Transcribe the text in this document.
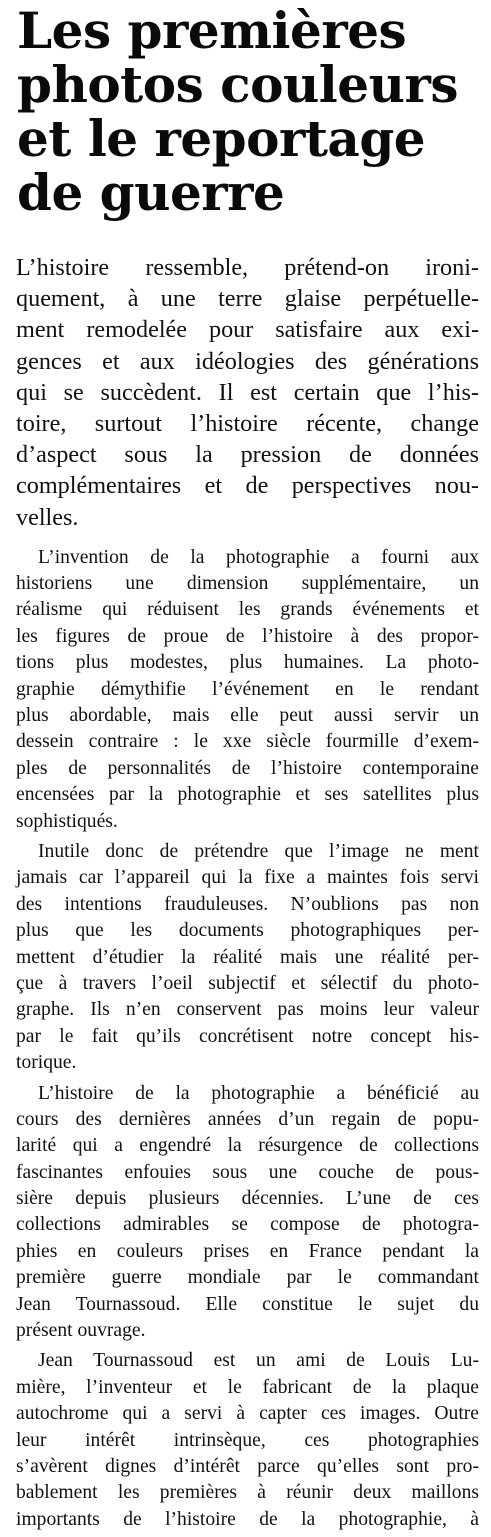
Les premières
photos couleurs
et le reportage
de guerre
L’histoire ressemble, prétend-on ironi-
quement, à une terre glaise perpétuelle-
ment remodelée pour satisfaire aux exi-
gences et aux idéologies des générations
qui se succèdent. Il est certain que l’his-
toire, surtout l’histoire récente, change
d’aspect sous la pression de données
complémentaires et de perspectives nou-
velles.
L’invention de la photographie a fourni aux
historiens une dimension supplémentaire, un
réalisme qui réduisent les grands événements et
les figures de proue de l’histoire à des propor-
tions plus modestes, plus humaines. La photo-
graphie démythifie l’événement en le rendant
plus abordable, mais elle peut aussi servir un
dessein contraire : le xxe siècle fourmille d’exem-
ples de personnalités de l’histoire contemporaine
encensées par la photographie et ses satellites plus
sophistiqués.
Inutile donc de prétendre que l’image ne ment
jamais car l’appareil qui la fixe a maintes fois servi
des intentions frauduleuses. N’oublions pas non
plus que les documents photographiques per-
mettent d’étudier la réalité mais une réalité per-
çue à travers l’oeil subjectif et sélectif du photo-
graphe. Ils n’en conservent pas moins leur valeur
par le fait qu’ils concrétisent notre concept his-
torique.
L’histoire de la photographie a bénéficié au
cours des dernières années d’un regain de popu-
larité qui a engendré la résurgence de collections
fascinantes enfouies sous une couche de pous-
sière depuis plusieurs décennies. L’une de ces
collections admirables se compose de photogra-
phies en couleurs prises en France pendant la
première guerre mondiale par le commandant
Jean Tournassoud. Elle constitue le sujet du
présent ouvrage.
Jean Tournassoud est un ami de Louis Lu-
mière, l’inventeur et le fabricant de la plaque
autochrome qui a servi à capter ces images. Outre
leur intérêt intrinsèque, ces photographies
s’avèrent dignes d’intérêt parce qu’elles sont pro-
bablement les premières à réunir deux maillons
importants de l’histoire de la photographie, à
